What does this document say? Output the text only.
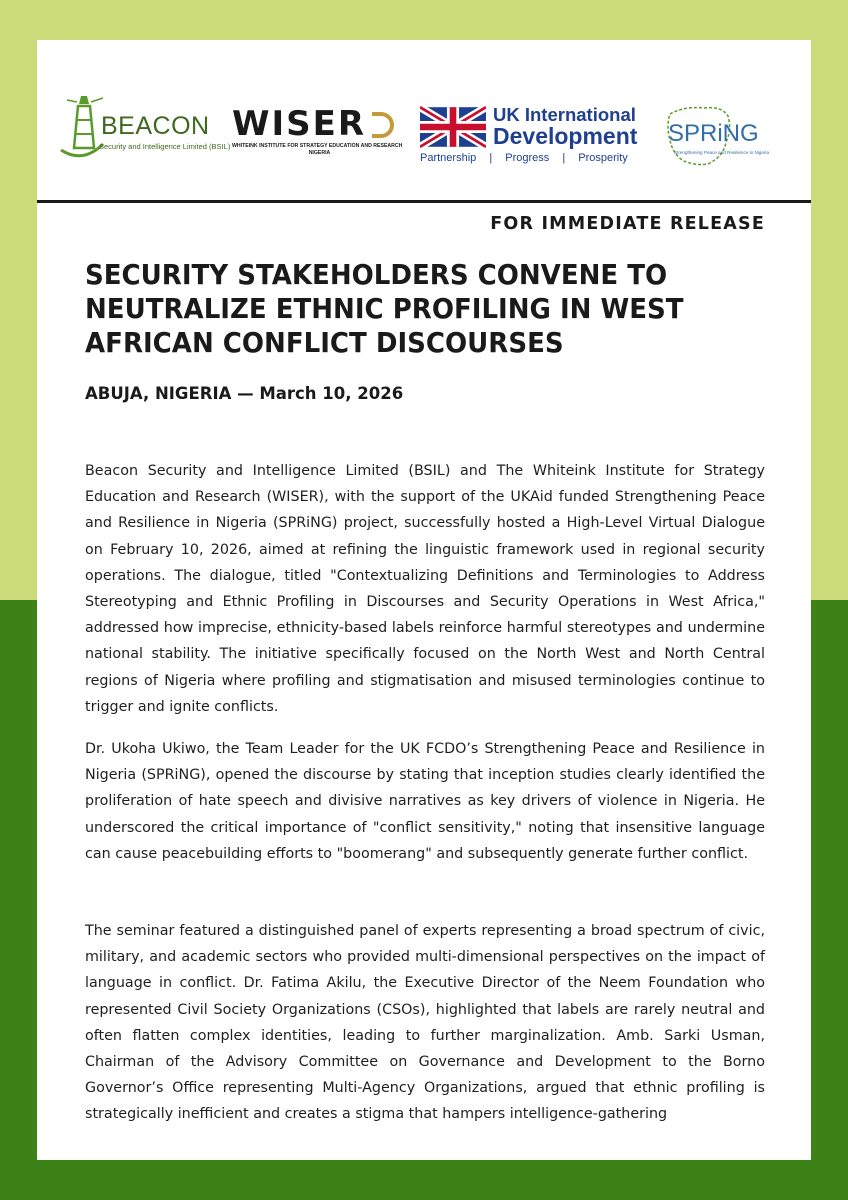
BEACON
Security and Intelligence Limited (BSIL)
WISER
WHITEINK INSTITUTE FOR STRATEGY EDUCATION AND RESEARCH
NIGERIA
UK International
Development
Partnership | Progress | Prosperity
SPRiNG
Strengthening Peace and Resilience in Nigeria
FOR IMMEDIATE RELEASE
SECURITY STAKEHOLDERS CONVENE TO NEUTRALIZE ETHNIC PROFILING IN WEST AFRICAN CONFLICT DISCOURSES
ABUJA, NIGERIA — March 10, 2026

Beacon Security and Intelligence Limited (BSIL) and The Whiteink Institute for Strategy Education and Research (WISER), with the support of the UKAid funded Strengthening Peace and Resilience in Nigeria (SPRiNG) project, successfully hosted a High-Level Virtual Dialogue on February 10, 2026, aimed at refining the linguistic framework used in regional security operations. The dialogue, titled "Contextualizing Definitions and Terminologies to Address Stereotyping and Ethnic Profiling in Discourses and Security Operations in West Africa," addressed how imprecise, ethnicity-based labels reinforce harmful stereotypes and undermine national stability. The initiative specifically focused on the North West and North Central regions of Nigeria where profiling and stigmatisation and misused terminologies continue to trigger and ignite conflicts.

Dr. Ukoha Ukiwo, the Team Leader for the UK FCDO’s Strengthening Peace and Resilience in Nigeria (SPRiNG), opened the discourse by stating that inception studies clearly identified the proliferation of hate speech and divisive narratives as key drivers of violence in Nigeria. He underscored the critical importance of "conflict sensitivity," noting that insensitive language can cause peacebuilding efforts to "boomerang" and subsequently generate further conflict.

The seminar featured a distinguished panel of experts representing a broad spectrum of civic, military, and academic sectors who provided multi-dimensional perspectives on the impact of language in conflict. Dr. Fatima Akilu, the Executive Director of the Neem Foundation who represented Civil Society Organizations (CSOs), highlighted that labels are rarely neutral and often flatten complex identities, leading to further marginalization. Amb. Sarki Usman, Chairman of the Advisory Committee on Governance and Development to the Borno Governor’s Office representing Multi-Agency Organizations, argued that ethnic profiling is strategically inefficient and creates a stigma that hampers intelligence-gathering
